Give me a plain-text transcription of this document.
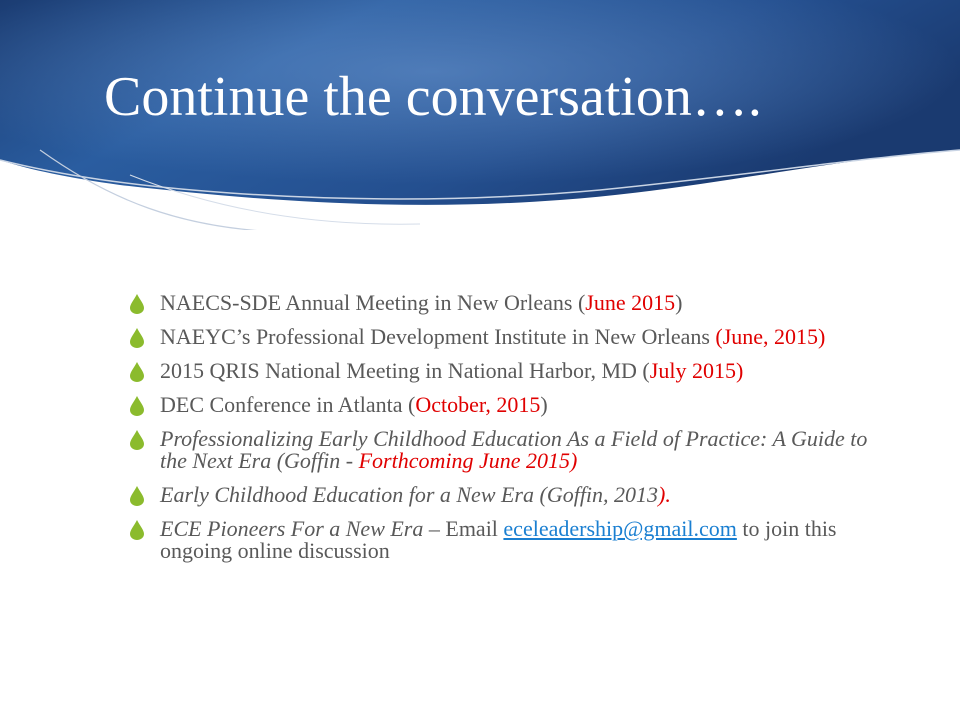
Continue the conversation….
NAECS-SDE Annual Meeting in New Orleans (June 2015)
NAEYC’s Professional Development Institute in New Orleans (June, 2015)
2015 QRIS National Meeting in National Harbor, MD (July 2015)
DEC Conference in Atlanta (October, 2015)
Professionalizing Early Childhood Education As a Field of Practice: A Guide to the Next Era (Goffin - Forthcoming June 2015)
Early Childhood Education for a New Era (Goffin, 2013).
ECE Pioneers For a New Era – Email eceleadership@gmail.com to join this ongoing online discussion
